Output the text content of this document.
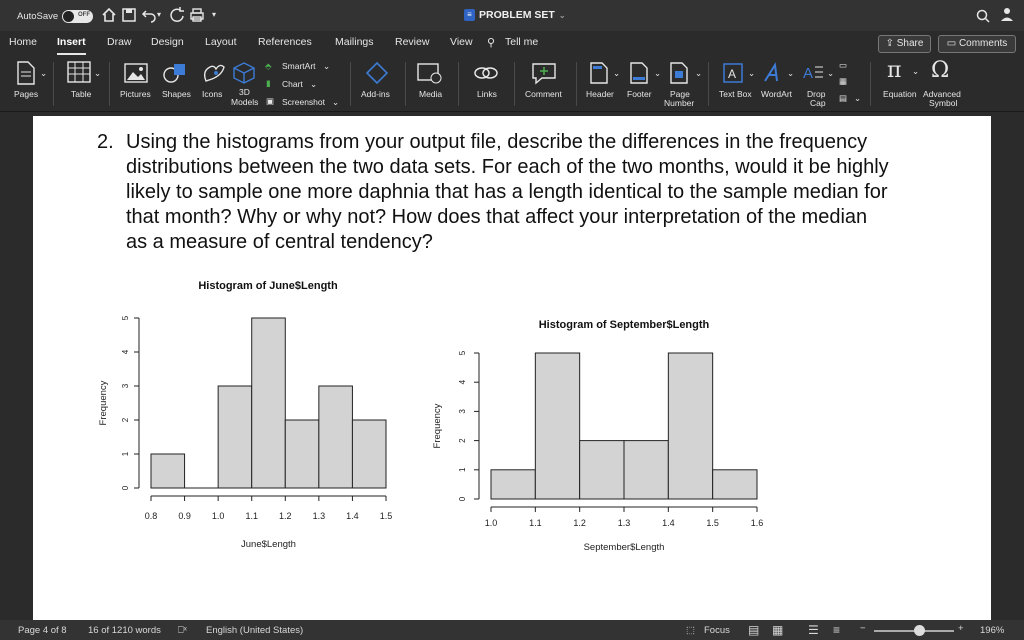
AutoSave	OFF	▾	▾	≡ PROBLEM SET ⌄
Home Insert Draw Design Layout References Mailings Review View ⚲ Tell me	⇪ Share	▭ Comments
Pages
⌄
Table
⌄
Pictures Shapes Icons 3D
Models
⬘ SmartArt ⌄
▮ Chart ⌄
▣ Screenshot ⌄
Add-ins	Media	Links	Comment	Header
⌄
Footer
⌄
Page
Number
⌄ A
Text Box
⌄
WordArt
⌄ A
Drop
Cap
⌄
▭
▦
▤ ⌄
π ⌄
Equation
Ω
Advanced
Symbol
2. Using the histograms from your output file, describe the differences in the frequency
distributions between the two data sets. For each of the two months, would it be highly
likely to sample one more daphnia that has a length identical to the sample median for
that month? Why or why not? How does that affect your interpretation of the median
as a measure of central tendency?
Histogram of June$Length
0.8 0.9 1.0 1.1 1.2 1.3 1.4 1.5
June$Length
0
1
2
3
4
5
Frequency
Histogram of September$Length
1.0	1.1	1.2	1.3	1.4	1.5	1.6
September$Length
0
1
2
3
4
5
Frequency
Page 4 of 8 16 of 1210 words ⎕ˣ English (United States)	⬚ Focus ▤ ▦ ☰ ≡ −	+ 196%
